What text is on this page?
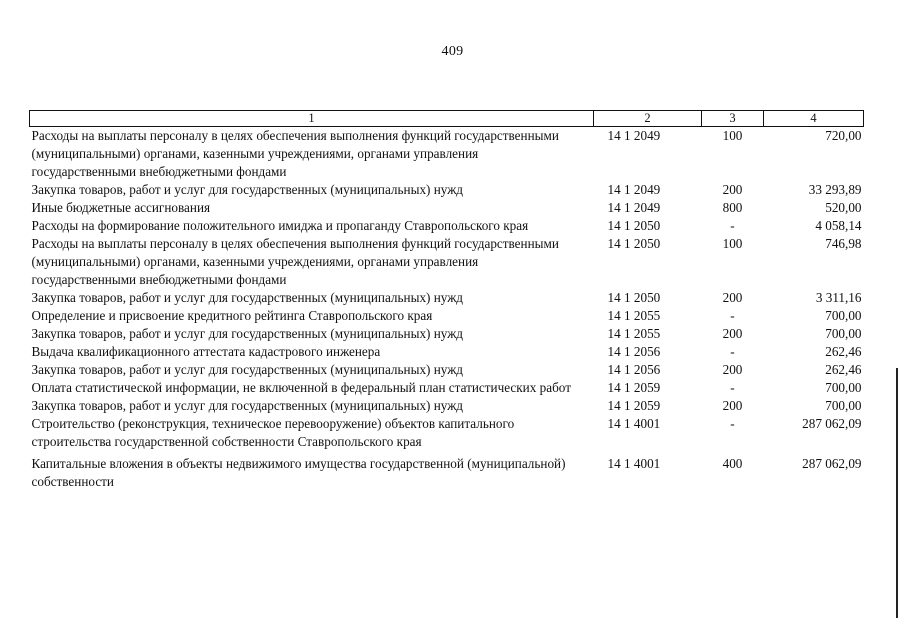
409
1	2	3	4
Расходы на выплаты персоналу в целях обеспечения выполнения функций государственными (муниципальными) органами, казенными учреждениями, органами управления государственными внебюджетными фондами	14 1 2049	100	720,00
Закупка товаров, работ и услуг для государственных (муниципальных) нужд	14 1 2049	200	33 293,89
Иные бюджетные ассигнования	14 1 2049	800	520,00
Расходы на формирование положительного имиджа и пропаганду Ставропольского края	14 1 2050	-	4 058,14
Расходы на выплаты персоналу в целях обеспечения выполнения функций государственными (муниципальными) органами, казенными учреждениями, органами управления государственными внебюджетными фондами	14 1 2050	100	746,98
Закупка товаров, работ и услуг для государственных (муниципальных) нужд	14 1 2050	200	3 311,16
Определение и присвоение кредитного рейтинга Ставропольского края	14 1 2055	-	700,00
Закупка товаров, работ и услуг для государственных (муниципальных) нужд	14 1 2055	200	700,00
Выдача квалификационного аттестата кадастрового инженера	14 1 2056	-	262,46
Закупка товаров, работ и услуг для государственных (муниципальных) нужд	14 1 2056	200	262,46
Оплата статистической информации, не включенной в федеральный план статистических работ	14 1 2059	-	700,00
Закупка товаров, работ и услуг для государственных (муниципальных) нужд	14 1 2059	200	700,00
Строительство (реконструкция, техническое перевооружение) объектов капитального строительства государственной собственности Ставропольского края	14 1 4001	-	287 062,09
Капитальные вложения в объекты недвижимого имущества государственной (муниципальной) собственности	14 1 4001	400	287 062,09
